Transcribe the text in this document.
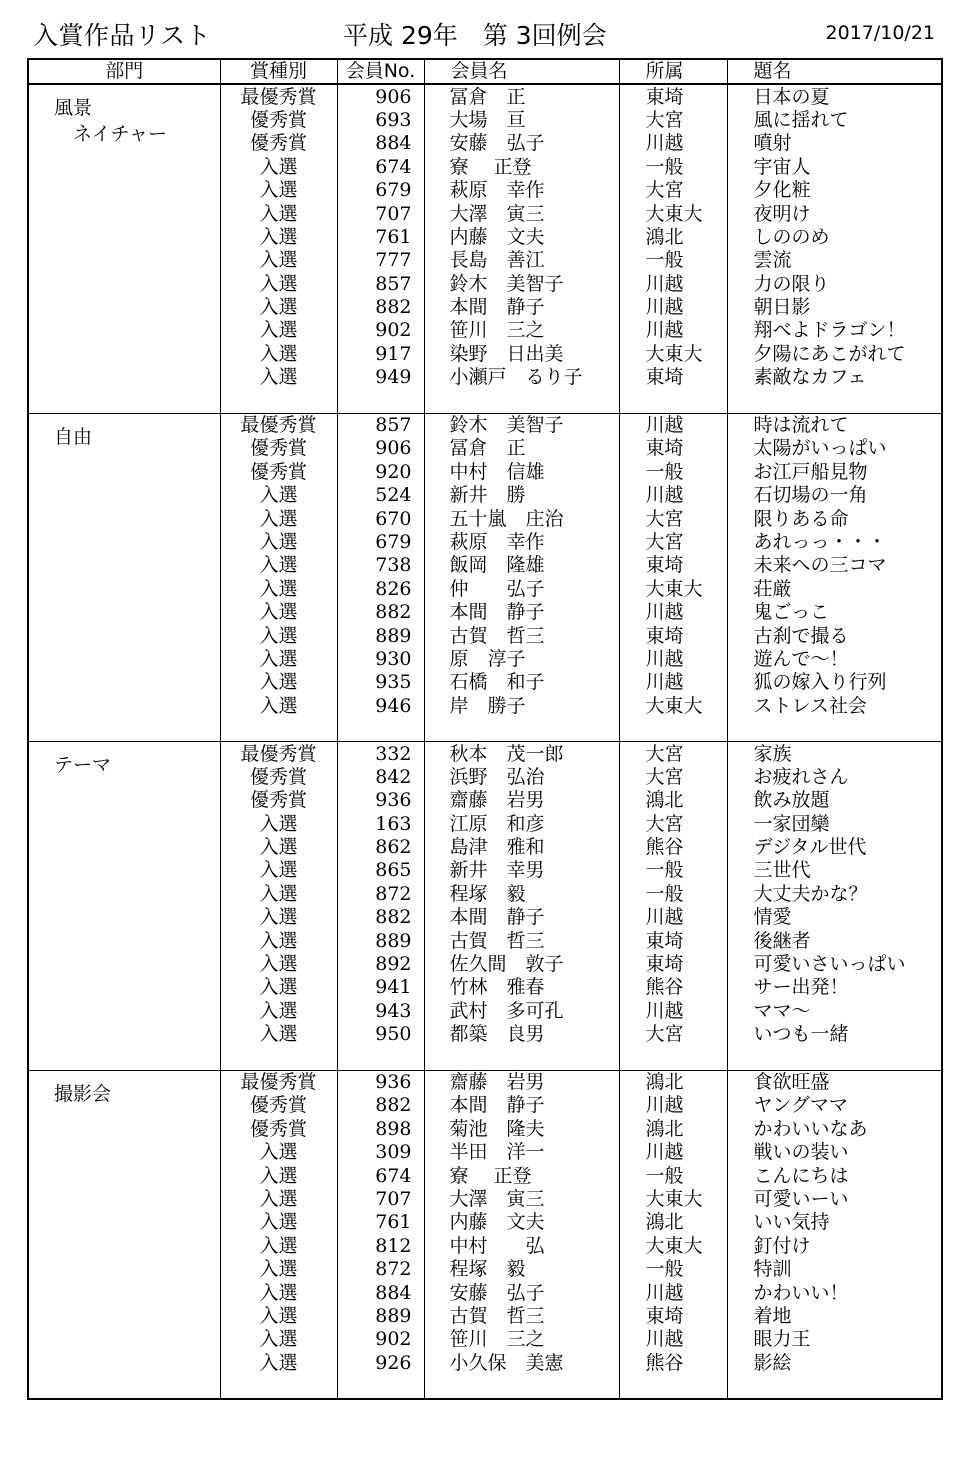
入賞作品リスト	平成 29年　第 3回例会	2017/10/21
部門	賞種別	会員No.	会員名	所属	題名
風景
　ネイチャー	最優秀賞	906	冨倉　正	東埼	日本の夏
	優秀賞	693	大場　亘	大宮	風に揺れて
	優秀賞	884	安藤　弘子	川越	噴射
	入選	674	寮　 正登	一般	宇宙人
	入選	679	萩原　幸作	大宮	夕化粧
	入選	707	大澤　寅三	大東大	夜明け
	入選	761	内藤　文夫	鴻北	しののめ
	入選	777	長島　善江	一般	雲流
	入選	857	鈴木　美智子	川越	力の限り
	入選	882	本間　静子	川越	朝日影
	入選	902	笹川　三之	川越	翔べよドラゴン！
	入選	917	染野　日出美	大東大	夕陽にあこがれて
	入選	949	小瀬戸　るり子	東埼	素敵なカフェ

自由	最優秀賞	857	鈴木　美智子	川越	時は流れて
	優秀賞	906	冨倉　正	東埼	太陽がいっぱい
	優秀賞	920	中村　信雄	一般	お江戸船見物
	入選	524	新井　勝	川越	石切場の一角
	入選	670	五十嵐　庄治	大宮	限りある命
	入選	679	萩原　幸作	大宮	あれっっ・・・
	入選	738	飯岡　隆雄	東埼	未来への三コマ
	入選	826	仲　　弘子	大東大	荘厳
	入選	882	本間　静子	川越	鬼ごっこ
	入選	889	古賀　哲三	東埼	古刹で撮る
	入選	930	原　淳子	川越	遊んで～！
	入選	935	石橋　和子	川越	狐の嫁入り行列
	入選	946	岸　勝子	大東大	ストレス社会

テーマ	最優秀賞	332	秋本　茂一郎	大宮	家族
	優秀賞	842	浜野　弘治	大宮	お疲れさん
	優秀賞	936	齋藤　岩男	鴻北	飲み放題
	入選	163	江原　和彦	大宮	一家団欒
	入選	862	島津　雅和	熊谷	デジタル世代
	入選	865	新井　幸男	一般	三世代
	入選	872	程塚　毅	一般	大丈夫かな？
	入選	882	本間　静子	川越	情愛
	入選	889	古賀　哲三	東埼	後継者
	入選	892	佐久間　敦子	東埼	可愛いさいっぱい
	入選	941	竹林　雅春	熊谷	サー出発！
	入選	943	武村　多可孔	川越	ママ～
	入選	950	都築　良男	大宮	いつも一緒

撮影会	最優秀賞	936	齋藤　岩男	鴻北	食欲旺盛
	優秀賞	882	本間　静子	川越	ヤングママ
	優秀賞	898	菊池　隆夫	鴻北	かわいいなあ
	入選	309	半田　洋一	川越	戦いの装い
	入選	674	寮　 正登	一般	こんにちは
	入選	707	大澤　寅三	大東大	可愛いーい
	入選	761	内藤　文夫	鴻北	いい気持
	入選	812	中村　　弘	大東大	釘付け
	入選	872	程塚　毅	一般	特訓
	入選	884	安藤　弘子	川越	かわいい！
	入選	889	古賀　哲三	東埼	着地
	入選	902	笹川　三之	川越	眼力王
	入選	926	小久保　美憲	熊谷	影絵
